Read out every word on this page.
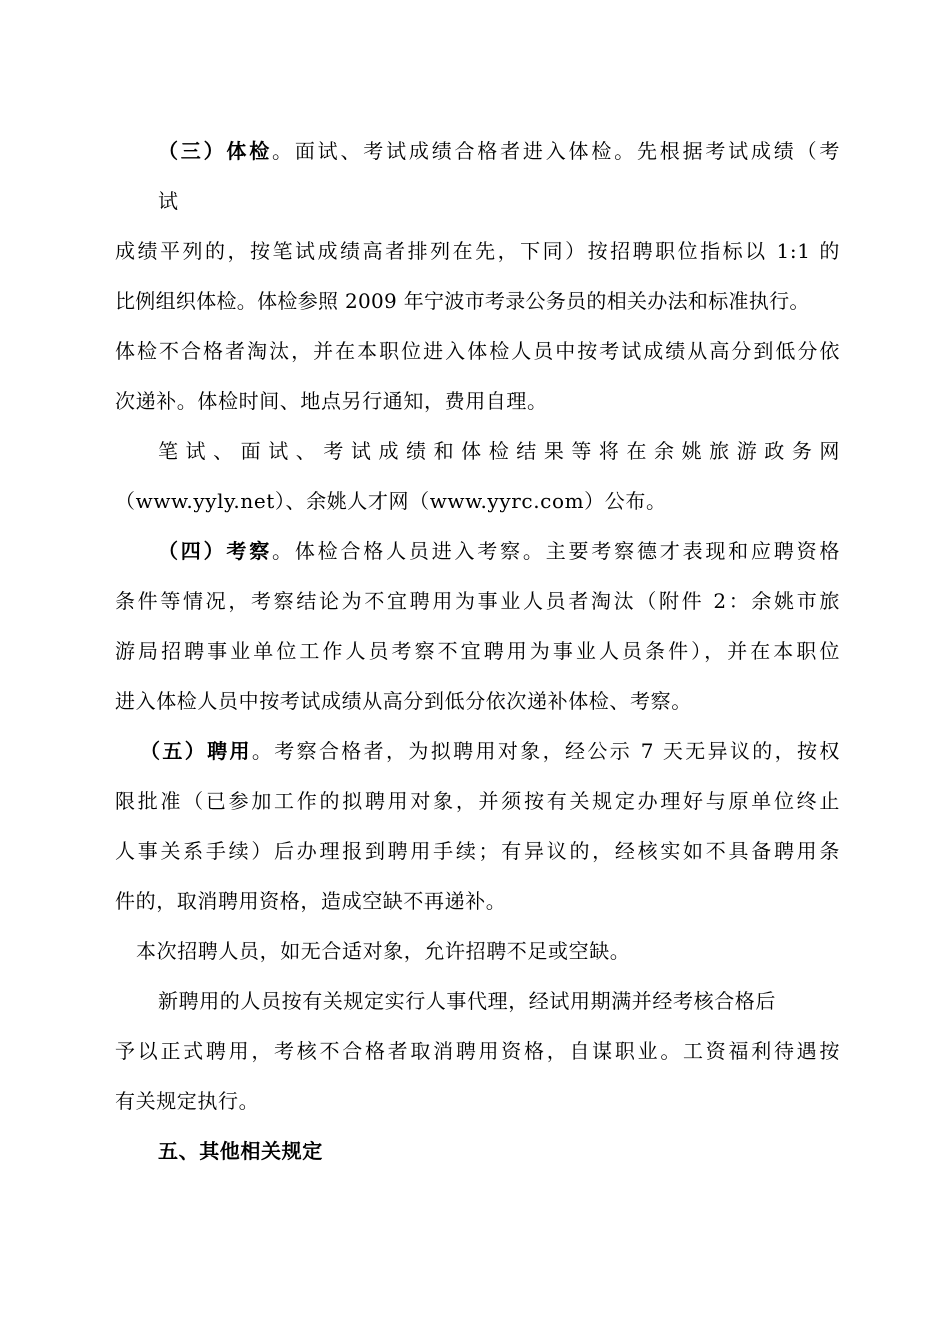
（三）体检。面试、考试成绩合格者进入体检。先根据考试成绩（考
试
成绩平列的，按笔试成绩高者排列在先，下同）按招聘职位指标以 1:1 的
比例组织体检。体检参照 2009 年宁波市考录公务员的相关办法和标准执行。
体检不合格者淘汰，并在本职位进入体检人员中按考试成绩从高分到低分依
次递补。体检时间、地点另行通知，费用自理。
笔试、面试、考试成绩和体检结果等将在余姚旅游政务网
（www.yyly.net）、余姚人才网（www.yyrc.com）公布。
（四）考察。体检合格人员进入考察。主要考察德才表现和应聘资格
条件等情况，考察结论为不宜聘用为事业人员者淘汰（附件 2：余姚市旅
游局招聘事业单位工作人员考察不宜聘用为事业人员条件），并在本职位
进入体检人员中按考试成绩从高分到低分依次递补体检、考察。
（五）聘用。考察合格者，为拟聘用对象，经公示 7 天无异议的，按权
限批准（已参加工作的拟聘用对象，并须按有关规定办理好与原单位终止
人事关系手续）后办理报到聘用手续；有异议的，经核实如不具备聘用条
件的，取消聘用资格，造成空缺不再递补。
本次招聘人员，如无合适对象，允许招聘不足或空缺。
新聘用的人员按有关规定实行人事代理，经试用期满并经考核合格后
予以正式聘用，考核不合格者取消聘用资格，自谋职业。工资福利待遇按
有关规定执行。
五、其他相关规定
